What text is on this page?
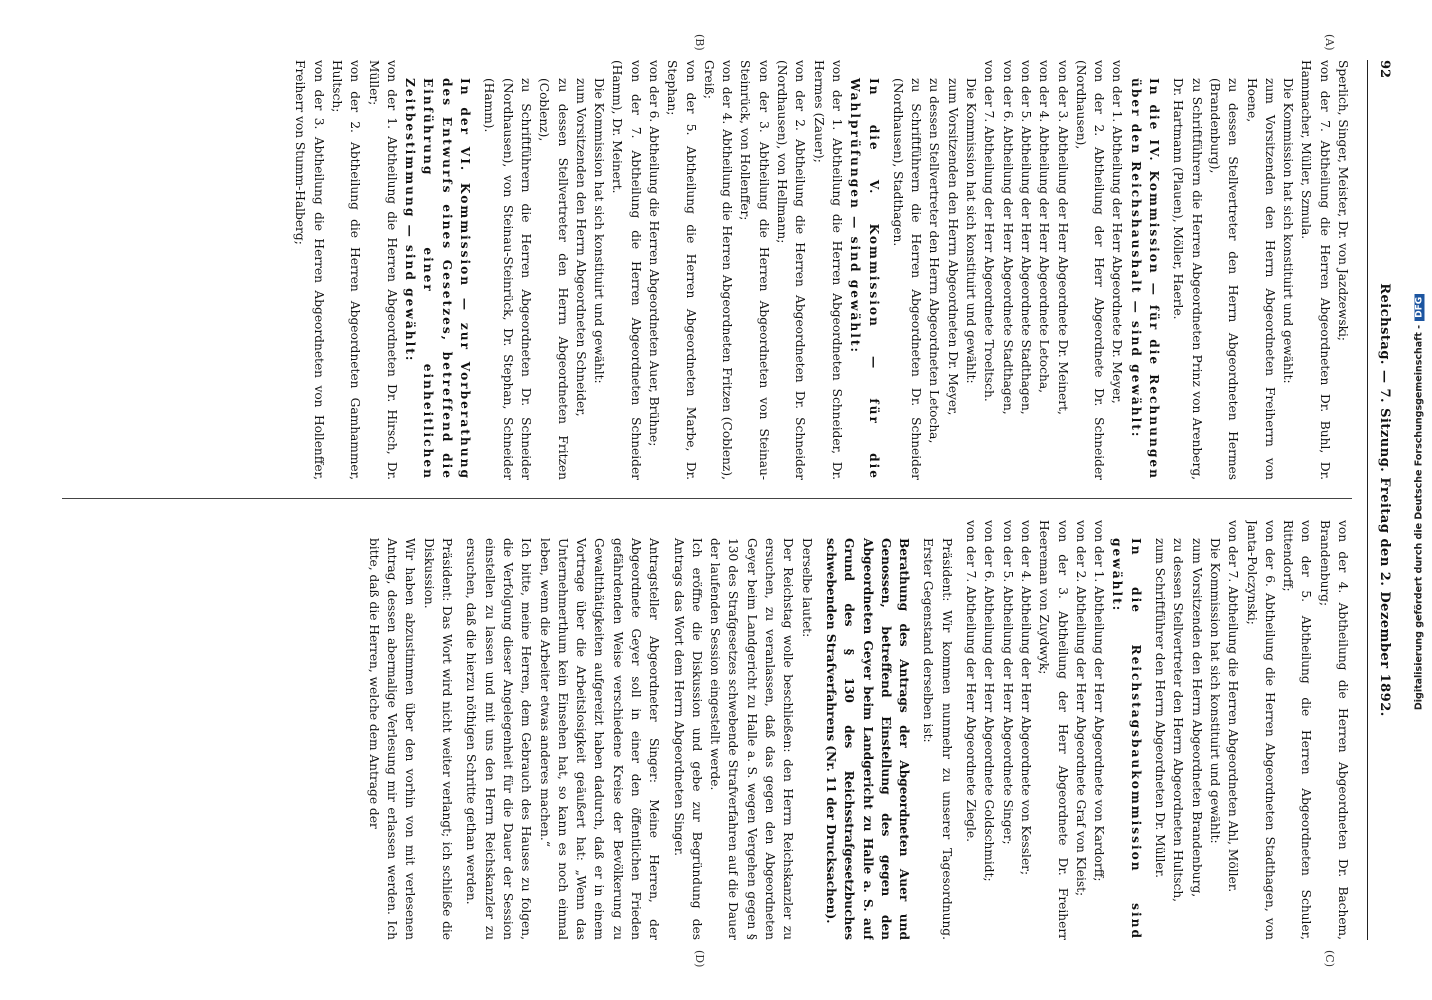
92
Reichstag. — 7. Sitzung. Freitag den 2. Dezember 1892.
(A)
(B)
(C)
(D)

Sperlich, Singer, Meister, Dr. von Jazdzewski;

von der 7. Abtheilung die Herren Abgeordneten Dr. Buhl, Dr. Hammacher, Müller, Szmula.

Die Kommission hat sich konstituirt und gewählt:

zum Vorsitzenden den Herrn Abgeordneten Freiherrn von Hoene,

zu dessen Stellvertreter den Herrn Abgeordneten Hermes (Brandenburg),

zu Schriftführern die Herren Abgeordneten Prinz von Arenberg, Dr. Hartmann (Plauen), Möller, Haerle.

In die IV. Kommission — für die Rechnungen über den Reichshaushalt — sind gewählt:

von der 1. Abtheilung der Herr Abgeordnete Dr. Meyer,

von der 2. Abtheilung der Herr Abgeordnete Dr. Schneider (Nordhausen),

von der 3. Abtheilung der Herr Abgeordnete Dr. Meinert,

von der 4. Abtheilung der Herr Abgeordnete Letocha,

von der 5. Abtheilung der Herr Abgeordnete Stadthagen,

von der 6. Abtheilung der Herr Abgeordnete Stadthagen,

von der 7. Abtheilung der Herr Abgeordnete Troeltsch.

Die Kommission hat sich konstituirt und gewählt:

zum Vorsitzenden den Herrn Abgeordneten Dr. Meyer,

zu dessen Stellvertreter den Herrn Abgeordneten Letocha,

zu Schriftführern die Herren Abgeordneten Dr. Schneider (Nordhausen), Stadthagen.

In die V. Kommission — für die Wahlprüfungen — sind gewählt:

von der 1. Abtheilung die Herren Abgeordneten Schneider, Dr. Hermes (Zauer);

von der 2. Abtheilung die Herren Abgeordneten Dr. Schneider (Nordhausen), von Hellmann;

von der 3. Abtheilung die Herren Abgeordneten von Steinau-Steinrück, von Hollenffer;

von der 4. Abtheilung die Herren Abgeordneten Fritzen (Coblenz), Greiß;

von der 5. Abtheilung die Herren Abgeordneten Marbe, Dr. Stephan;

von der 6. Abtheilung die Herren Abgeordneten Auer, Brühne;

von der 7. Abtheilung die Herren Abgeordneten Schneider (Hamm), Dr. Meinert.

Die Kommission hat sich konstituirt und gewählt:

zum Vorsitzenden den Herrn Abgeordneten Schneider,

zu dessen Stellvertreter den Herrn Abgeordneten Fritzen (Coblenz),

zu Schriftführern die Herren Abgeordneten Dr. Schneider (Nordhausen), von Steinau-Steinrück, Dr. Stephan, Schneider (Hamm).

In der VI. Kommission — zur Vorberathung des Entwurfs eines Gesetzes, betreffend die Einführung einer einheitlichen Zeitbestimmung — sind gewählt:

von der 1. Abtheilung die Herren Abgeordneten Dr. Hirsch, Dr. Müller;

von der 2. Abtheilung die Herren Abgeordneten Gamhammer, Hultsch;

von der 3. Abtheilung die Herren Abgeordneten von Hollenffer, Freiherr von Stumm-Halberg;

von der 4. Abtheilung die Herren Abgeordneten Dr. Bachem, Brandenburg;

von der 5. Abtheilung die Herren Abgeordneten Schuler, Rittendorff;

von der 6. Abtheilung die Herren Abgeordneten Stadthagen, von Janta-Polczynski;

von der 7. Abtheilung die Herren Abgeordneten Ahl, Möller.

Die Kommission hat sich konstituirt und gewählt:

zum Vorsitzenden den Herrn Abgeordneten Brandenburg,

zu dessen Stellvertreter den Herrn Abgeordneten Hultsch,

zum Schriftführer den Herrn Abgeordneten Dr. Müller.

In die Reichstagsbaukommission sind gewählt:

von der 1. Abtheilung der Herr Abgeordnete von Kardorff;

von der 2. Abtheilung der Herr Abgeordnete Graf von Kleist;

von der 3. Abtheilung der Herr Abgeordnete Dr. Freiherr Heereman von Zuydwyk;

von der 4. Abtheilung der Herr Abgeordnete von Kessler;

von der 5. Abtheilung der Herr Abgeordnete Singer;

von der 6. Abtheilung der Herr Abgeordnete Goldschmidt;

von der 7. Abtheilung der Herr Abgeordnete Ziegle.

Präsident: Wir kommen nunmehr zu unserer Tagesordnung. Erster Gegenstand derselben ist:

Berathung des Antrags der Abgeordneten Auer und Genossen, betreffend Einstellung des gegen den Abgeordneten Geyer beim Landgericht zu Halle a. S. auf Grund des § 130 des Reichsstrafgesetzbuches schwebenden Strafverfahrens (Nr. 11 der Drucksachen).

Derselbe lautet:

Der Reichstag wolle beschließen: den Herrn Reichskanzler zu ersuchen, zu veranlassen, daß das gegen den Abgeordneten Geyer beim Landgericht zu Halle a. S. wegen Vergehen gegen § 130 des Strafgesetzes schwebende Strafverfahren auf die Dauer der laufenden Session eingestellt werde.

Ich eröffne die Diskussion und gebe zur Begründung des Antrags das Wort dem Herrn Abgeordneten Singer.

Antragsteller Abgeordneter Singer: Meine Herren, der Abgeordnete Geyer soll in einer den öffentlichen Frieden gefährdenden Weise verschiedene Kreise der Bevölkerung zu Gewaltthätigkeiten aufgereizt haben dadurch, daß er in einem Vortrage über die Arbeitslosigkeit geäußert hat: „Wenn das Unternehmerthum kein Einsehen hat, so kann es noch einmal leben, wenn die Arbeiter etwas anderes machen.“

Ich bitte, meine Herren, dem Gebrauch des Hauses zu folgen, die Verfolgung dieser Angelegenheit für die Dauer der Session einstellen zu lassen und mit uns den Herrn Reichskanzler zu ersuchen, daß die hierzu nöthigen Schritte gethan werden.

Präsident: Das Wort wird nicht weiter verlangt; ich schließe die Diskussion.

Wir haben abzustimmen über den vorhin von mit verlesenen Antrag, dessen abermalige Verlesung mir erlassen werden. Ich bitte, daß die Herren, welche dem Antrage der	Digitalisierung gefördert durch die Deutsche Forschungsgemeinschaft -DFG
